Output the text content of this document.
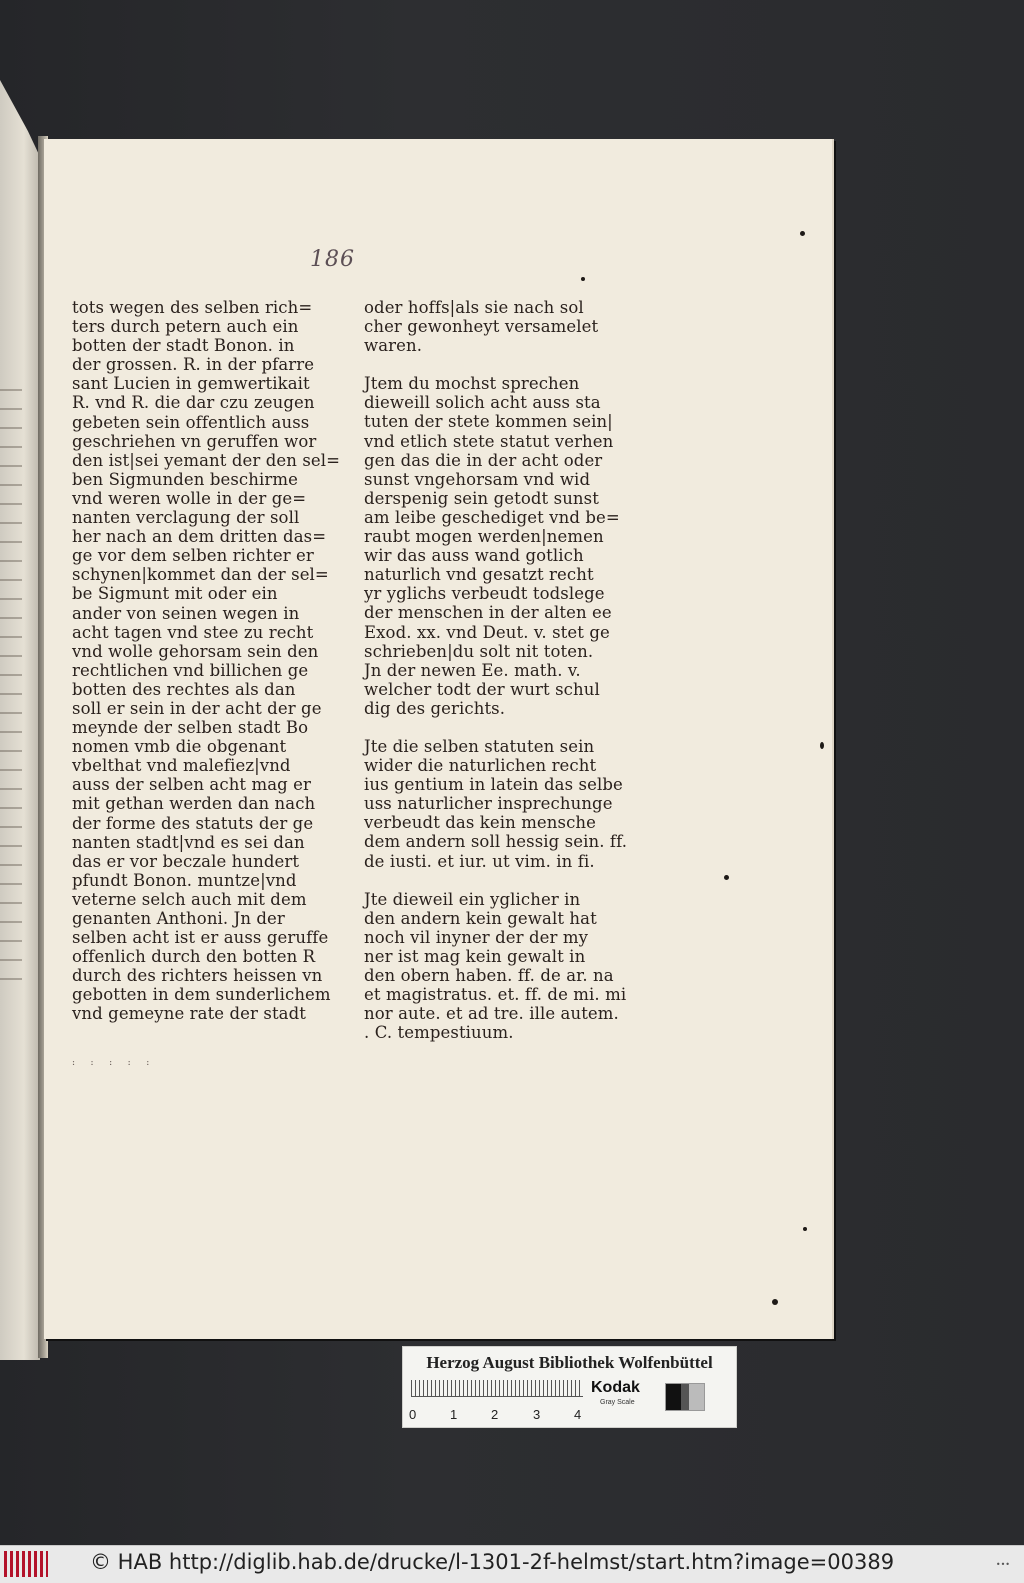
186
tots wegen des selben rich=
ters durch petern auch ein
botten der stadt Bonon. in
der grossen. R. in der pfarre
sant Lucien in gemwertikait
R. vnd R. die dar czu zeugen
gebeten sein offentlich auss
geschriehen vn geruffen wor
den ist|sei yemant der den sel=
ben Sigmunden beschirme
vnd weren wolle in der ge=
nanten verclagung der soll
her nach an dem dritten das=
ge vor dem selben richter er
schynen|kommet dan der sel=
be Sigmunt mit oder ein
ander von seinen wegen in
acht tagen vnd stee zu recht
vnd wolle gehorsam sein den
rechtlichen vnd billichen ge
botten des rechtes als dan
soll er sein in der acht der ge
meynde der selben stadt Bo
nomen vmb die obgenant
vbelthat vnd malefiez|vnd
auss der selben acht mag er
mit gethan werden dan nach
der forme des statuts der ge
nanten stadt|vnd es sei dan
das er vor beczale hundert
pfundt Bonon. muntze|vnd
veterne selch auch mit dem
genanten Anthoni. Jn der
selben acht ist er auss geruffe
offenlich durch den botten R
durch des richters heissen vn
gebotten in dem sunderlichem
vnd gemeyne rate der stadt
oder hoffs|als sie nach sol
cher gewonheyt versamelet
waren.
Jtem du mochst sprechen
dieweill solich acht auss sta
tuten der stete kommen sein|
vnd etlich stete statut verhen
gen das die in der acht oder
sunst vngehorsam vnd wid
derspenig sein getodt sunst
am leibe geschediget vnd be=
raubt mogen werden|nemen
wir das auss wand gotlich
naturlich vnd gesatzt recht
yr yglichs verbeudt todslege
der menschen in der alten ee
Exod. xx. vnd Deut. v. stet ge
schrieben|du solt nit toten.
Jn der newen Ee. math. v.
welcher todt der wurt schul
dig des gerichts.
Jte die selben statuten sein
wider die naturlichen recht
ius gentium in latein das selbe
uss naturlicher insprechunge
verbeudt das kein mensche
dem andern soll hessig sein. ff.
de iusti. et iur. ut vim. in fi.
Jte dieweil ein yglicher in
den andern kein gewalt hat
noch vil inyner der der my
ner ist mag kein gewalt in
den obern haben. ff. de ar. na
et magistratus. et. ff. de mi. mi
nor aute. et ad tre. ille autem.
. C. tempestiuum.
꞉ ꞉ ꞉ ꞉ ꞉
Herzog August Bibliothek Wolfenbüttel
0	1	2	3	4
Kodak
Gray Scale
© HAB http://diglib.hab.de/drucke/l-1301-2f-helmst/start.htm?image=00389	•••
